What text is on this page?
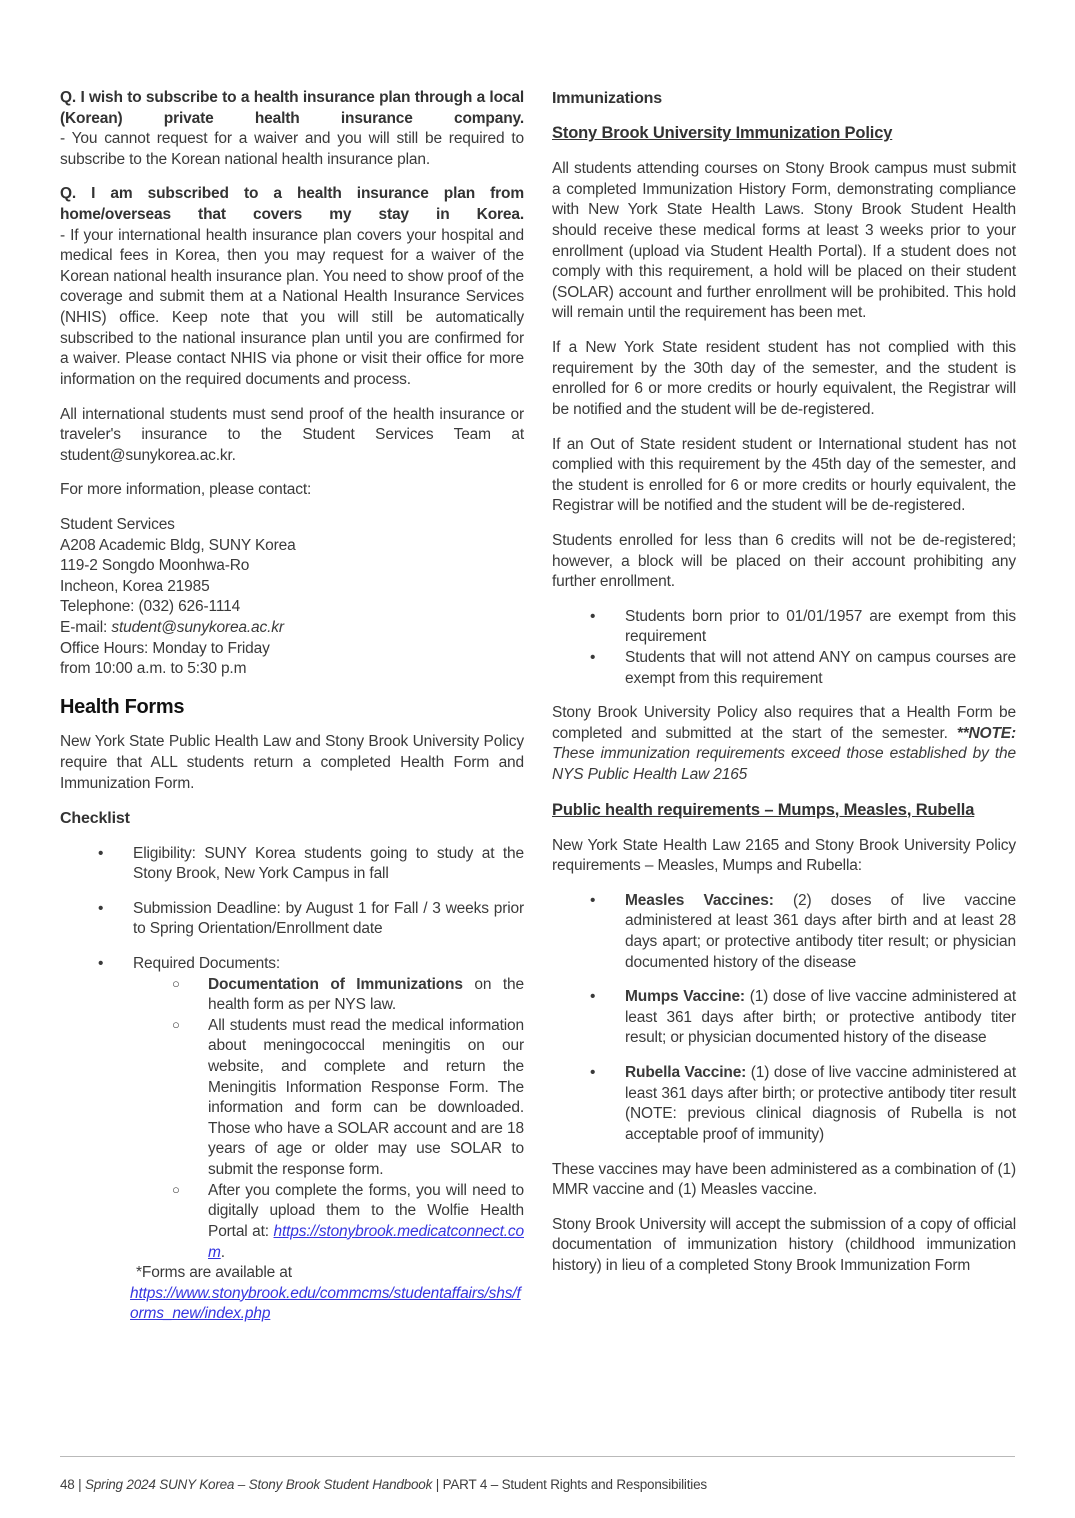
Q. I wish to subscribe to a health insurance plan through a local (Korean) private health insurance company.
- You cannot request for a waiver and you will still be required to subscribe to the Korean national health insurance plan.
Q. I am subscribed to a health insurance plan from home/overseas that covers my stay in Korea.
- If your international health insurance plan covers your hospital and medical fees in Korea, then you may request for a waiver of the Korean national health insurance plan. You need to show proof of the coverage and submit them at a National Health Insurance Services (NHIS) office. Keep note that you will still be automatically subscribed to the national insurance plan until you are confirmed for a waiver. Please contact NHIS via phone or visit their office for more information on the required documents and process.
All international students must send proof of the health insurance or traveler's insurance to the Student Services Team at student@sunykorea.ac.kr.
For more information, please contact:
Student Services
A208 Academic Bldg, SUNY Korea
119-2 Songdo Moonhwa-Ro
Incheon, Korea 21985
Telephone: (032) 626-1114
E-mail: student@sunykorea.ac.kr
Office Hours: Monday to Friday
from 10:00 a.m. to 5:30 p.m
Health Forms
New York State Public Health Law and Stony Brook University Policy require that ALL students return a completed Health Form and Immunization Form.
Checklist
•	Eligibility: SUNY Korea students going to study at the Stony Brook, New York Campus in fall
•	Submission Deadline: by August 1 for Fall / 3 weeks prior to Spring Orientation/Enrollment date
•	Required Documents:
○	Documentation of Immunizations on the health form as per NYS law.
○	All students must read the medical information about meningococcal meningitis on our website, and complete and return the Meningitis Information Response Form. The information and form can be downloaded. Those who have a SOLAR account and are 18 years of age or older may use SOLAR to submit the response form.
○	After you complete the forms, you will need to digitally upload them to the Wolfie Health Portal at: https://stonybrook.medicatconnect.com.
*Forms are available at
https://www.stonybrook.edu/commcms/studentaffairs/shs/forms_new/index.php
Immunizations
Stony Brook University Immunization Policy
All students attending courses on Stony Brook campus must submit a completed Immunization History Form, demonstrating compliance with New York State Health Laws. Stony Brook Student Health should receive these medical forms at least 3 weeks prior to your enrollment (upload via Student Health Portal). If a student does not comply with this requirement, a hold will be placed on their student (SOLAR) account and further enrollment will be prohibited. This hold will remain until the requirement has been met.
If a New York State resident student has not complied with this requirement by the 30th day of the semester, and the student is enrolled for 6 or more credits or hourly equivalent, the Registrar will be notified and the student will be de-registered.
If an Out of State resident student or International student has not complied with this requirement by the 45th day of the semester, and the student is enrolled for 6 or more credits or hourly equivalent, the Registrar will be notified and the student will be de-registered.
Students enrolled for less than 6 credits will not be de-registered; however, a block will be placed on their account prohibiting any further enrollment.
•	Students born prior to 01/01/1957 are exempt from this requirement
•	Students that will not attend ANY on campus courses are exempt from this requirement
Stony Brook University Policy also requires that a Health Form be completed and submitted at the start of the semester. **NOTE: These immunization requirements exceed those established by the NYS Public Health Law 2165
Public health requirements – Mumps, Measles, Rubella
New York State Health Law 2165 and Stony Brook University Policy requirements – Measles, Mumps and Rubella:
•	Measles Vaccines: (2) doses of live vaccine administered at least 361 days after birth and at least 28 days apart; or protective antibody titer result; or physician documented history of the disease
•	Mumps Vaccine: (1) dose of live vaccine administered at least 361 days after birth; or protective antibody titer result; or physician documented history of the disease
•	Rubella Vaccine: (1) dose of live vaccine administered at least 361 days after birth; or protective antibody titer result (NOTE: previous clinical diagnosis of Rubella is not acceptable proof of immunity)
These vaccines may have been administered as a combination of (1) MMR vaccine and (1) Measles vaccine.
Stony Brook University will accept the submission of a copy of official documentation of immunization history (childhood immunization history) in lieu of a completed Stony Brook Immunization Form
48 | Spring 2024 SUNY Korea – Stony Brook Student Handbook | PART 4 – Student Rights and Responsibilities
